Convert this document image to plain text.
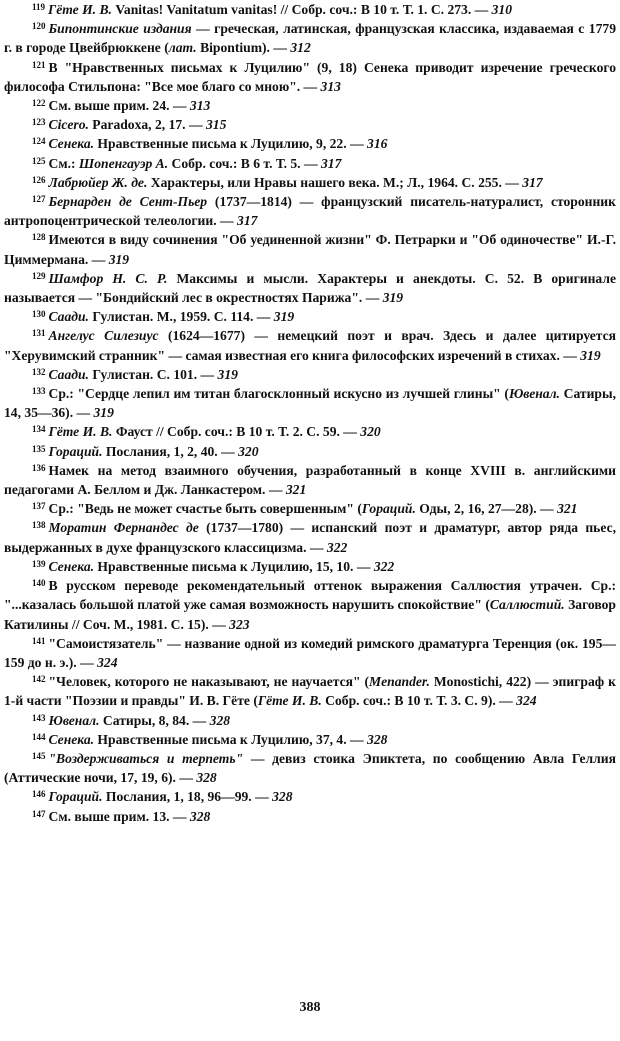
$^{119}$ Гёте И. В. Vanitas! Vanitatum vanitas! // Собр. соч.: В 10 т. Т. 1. С. 273. — 310

$^{120}$ Бипонтинские издания — греческая, латинская, французская классика, издаваемая с 1779 г. в городе Цвейбрюккене (лат. Bipontium). — 312

$^{121}$ В "Нравственных письмах к Луцилию" (9, 18) Сенека приводит изречение греческого философа Стильпона: "Все мое благо со мною". — 313

$^{122}$ См. выше прим. 24. — 313

$^{123}$ Cicero. Paradoxa, 2, 17. — 315

$^{124}$ Сенека. Нравственные письма к Луцилию, 9, 22. — 316

$^{125}$ См.: Шопенгауэр А. Собр. соч.: В 6 т. Т. 5. — 317

$^{126}$ Лабрюйер Ж. де. Характеры, или Нравы нашего века. М.; Л., 1964. С. 255. — 317

$^{127}$ Бернарден де Сент-Пьер (1737—1814) — французский писатель-натуралист, сторонник антропоцентрической телеологии. — 317

$^{128}$ Имеются в виду сочинения "Об уединенной жизни" Ф. Петрарки и "Об одиночестве" И.-Г. Циммермана. — 319

$^{129}$ Шамфор Н. С. Р. Максимы и мысли. Характеры и анекдоты. С. 52. В оригинале называется — "Бондийский лес в окрестностях Парижа". — 319

$^{130}$ Саади. Гулистан. М., 1959. С. 114. — 319

$^{131}$ Ангелус Силезиус (1624—1677) — немецкий поэт и врач. Здесь и далее цитируется "Херувимский странник" — самая известная его книга философских изречений в стихах. — 319

$^{132}$ Саади. Гулистан. С. 101. — 319

$^{133}$ Ср.: "Сердце лепил им титан благосклонный искусно из лучшей глины" (Ювенал. Сатиры, 14, 35—36). — 319

$^{134}$ Гёте И. В. Фауст // Собр. соч.: В 10 т. Т. 2. С. 59. — 320

$^{135}$ Гораций. Послания, 1, 2, 40. — 320

$^{136}$ Намек на метод взаимного обучения, разработанный в конце XVIII в. английскими педагогами А. Беллом и Дж. Ланкастером. — 321

$^{137}$ Ср.: "Ведь не может счастье быть совершенным" (Гораций. Оды, 2, 16, 27—28). — 321

$^{138}$ Моратин Фернандес де (1737—1780) — испанский поэт и драматург, автор ряда пьес, выдержанных в духе французского классицизма. — 322

$^{139}$ Сенека. Нравственные письма к Луцилию, 15, 10. — 322

$^{140}$ В русском переводе рекомендательный оттенок выражения Саллюстия утрачен. Ср.: "...казалась большой платой уже самая возможность нарушить спокойствие" (Саллюстий. Заговор Катилины // Соч. М., 1981. С. 15). — 323

$^{141}$ "Самоистязатель" — название одной из комедий римского драматурга Теренция (ок. 195—159 до н. э.). — 324

$^{142}$ "Человек, которого не наказывают, не научается" (Menander. Monostichi, 422) — эпиграф к 1-й части "Поэзии и правды" И. В. Гёте (Гёте И. В. Собр. соч.: В 10 т. Т. 3. С. 9). — 324

$^{143}$ Ювенал. Сатиры, 8, 84. — 328

$^{144}$ Сенека. Нравственные письма к Луцилию, 37, 4. — 328

$^{145}$ "Воздерживаться и терпеть" — девиз стоика Эпиктета, по сообщению Авла Геллия (Аттические ночи, 17, 19, 6). — 328

$^{146}$ Гораций. Послания, 1, 18, 96—99. — 328

$^{147}$ См. выше прим. 13. — 328

388
